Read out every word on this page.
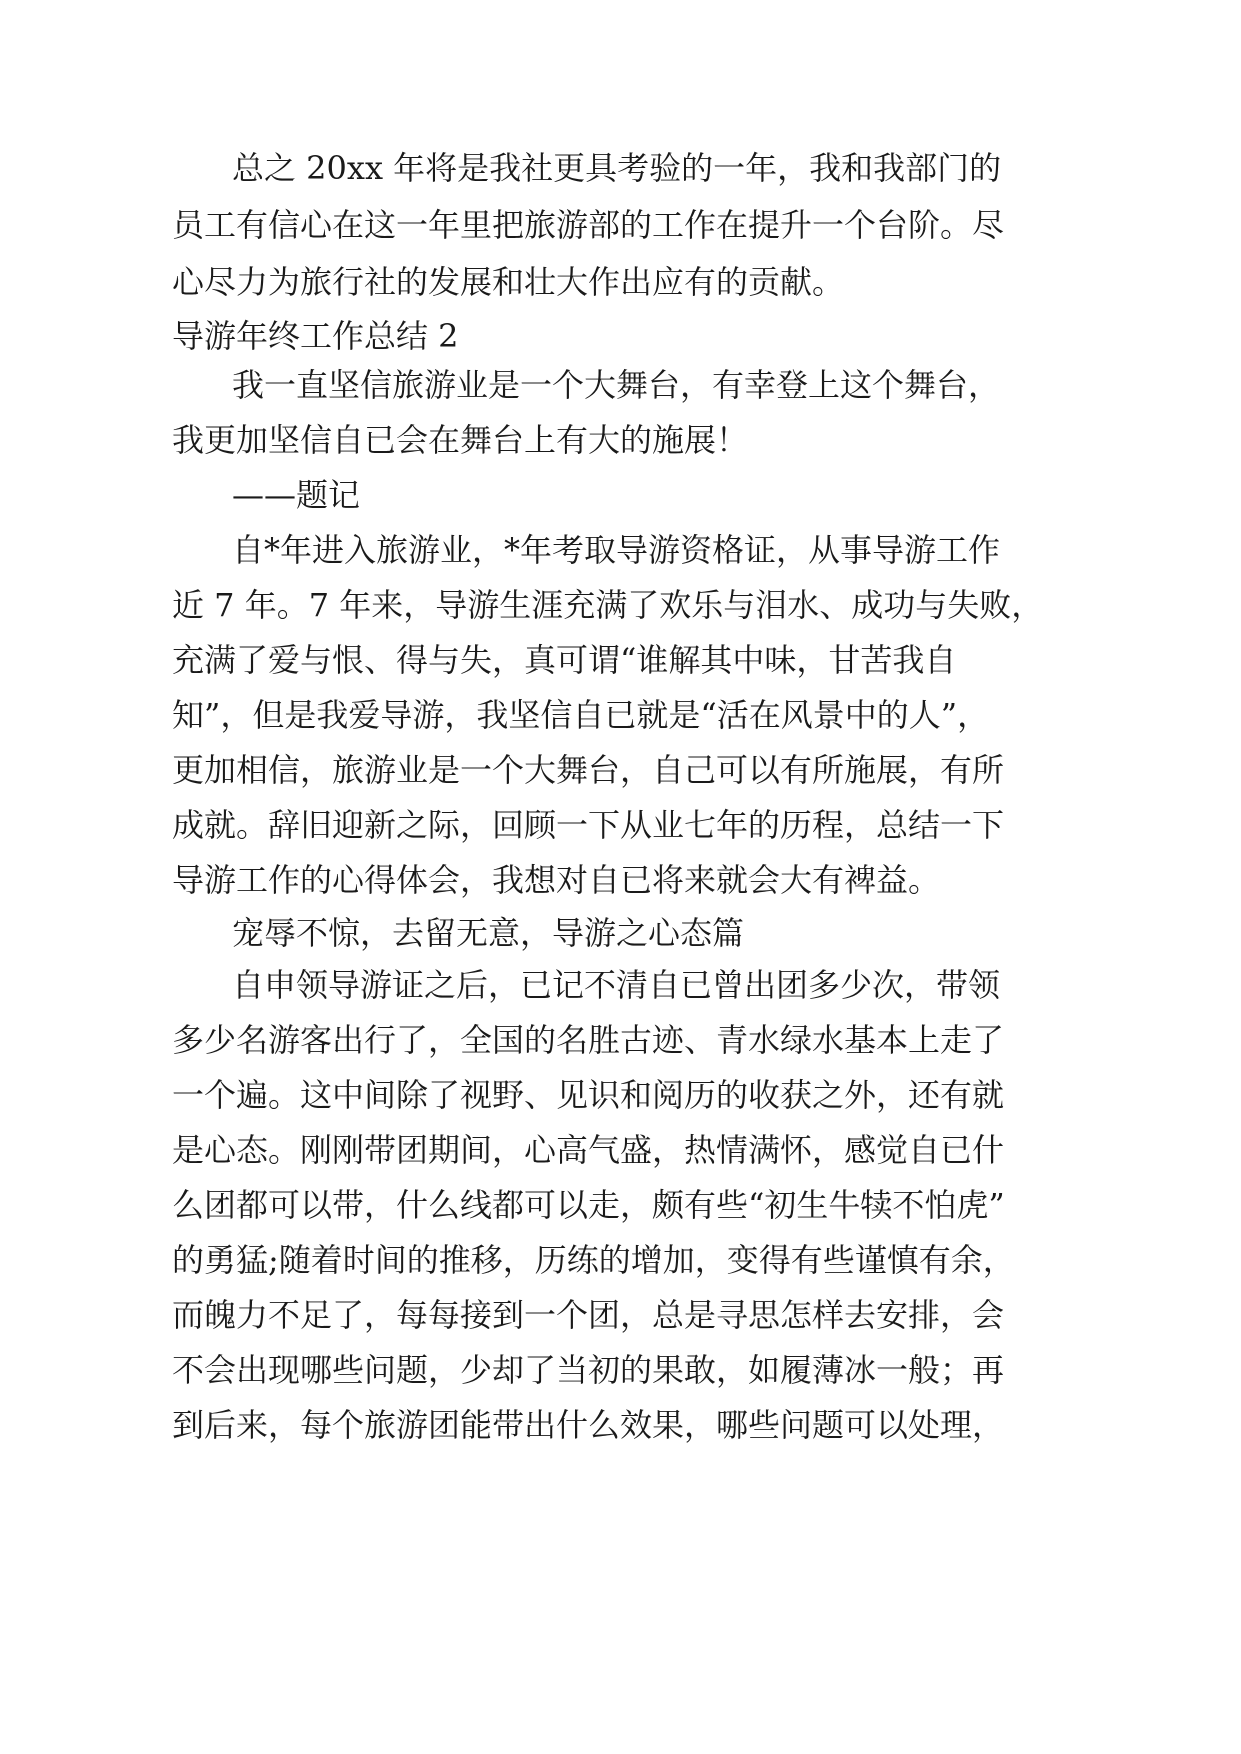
总之 20xx 年将是我社更具考验的一年，我和我部门的
员工有信心在这一年里把旅游部的工作在提升一个台阶。尽
心尽力为旅行社的发展和壮大作出应有的贡献。
导游年终工作总结 2
我一直坚信旅游业是一个大舞台，有幸登上这个舞台，
我更加坚信自已会在舞台上有大的施展！
——题记
自*年进入旅游业，*年考取导游资格证，从事导游工作
近 7 年。7 年来，导游生涯充满了欢乐与泪水、成功与失败，
充满了爱与恨、得与失，真可谓“谁解其中味，甘苦我自
知”，但是我爱导游，我坚信自已就是“活在风景中的人”，
更加相信，旅游业是一个大舞台，自己可以有所施展，有所
成就。辞旧迎新之际，回顾一下从业七年的历程，总结一下
导游工作的心得体会，我想对自已将来就会大有裨益。
宠辱不惊，去留无意，导游之心态篇
自申领导游证之后，已记不清自已曾出团多少次，带领
多少名游客出行了，全国的名胜古迹、青水绿水基本上走了
一个遍。这中间除了视野、见识和阅历的收获之外，还有就
是心态。刚刚带团期间，心高气盛，热情满怀，感觉自已什
么团都可以带，什么线都可以走，颇有些“初生牛犊不怕虎”
的勇猛;随着时间的推移，历练的增加，变得有些谨慎有余，
而魄力不足了，每每接到一个团，总是寻思怎样去安排，会
不会出现哪些问题，少却了当初的果敢，如履薄冰一般；再
到后来，每个旅游团能带出什么效果，哪些问题可以处理，
